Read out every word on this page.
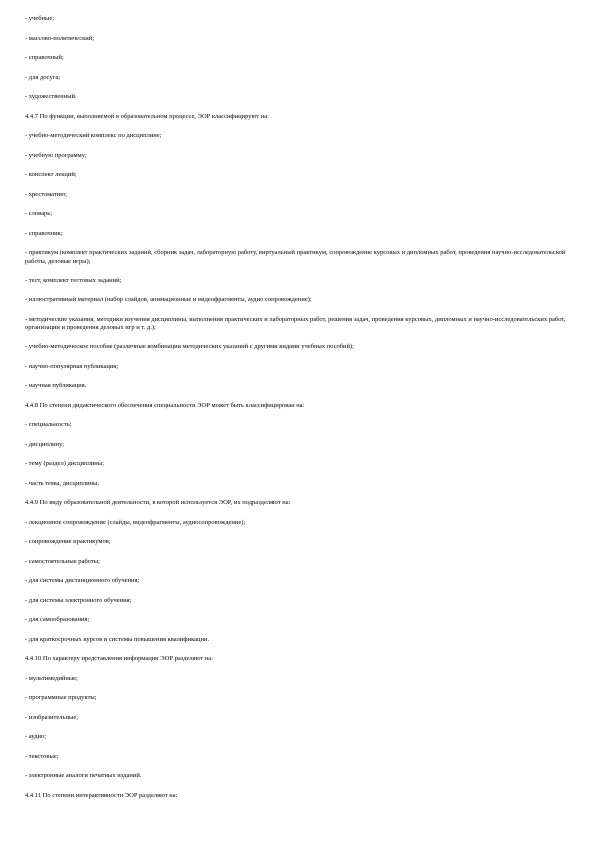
- учебные;

- массово-политический;

- справочный;

- для досуга;

- художественный.

4.4.7 По функции, выполняемой в образовательном процессе, ЭОР классифицируют на:

- учебно-методический комплекс по дисциплине;

- учебную программу;

- конспект лекций;

- хрестоматию;

- словарь;

- справочник;

- практикум (комплект практических заданий, сборник задач, лабораторную работу, виртуальный практикум, сопровождение курсовых и дипломных работ, проведения научно-исследовательской работы, деловые игры);

- тест, комплект тестовых заданий;

- иллюстративный материал (набор слайдов, анимационные и видеофрагменты, аудио сопровождение);

- методические указания, методики изучения дисциплины, выполнения практических и лабораторных работ, решения задач, проведения курсовых, дипломных и научно-исследовательских работ, организации и проведения деловых игр и т. д.);

- учебно-методическое пособие (различные комбинации методических указаний с другими видами учебных пособий);

- научно-популярная публикация;

- научная публикация.

4.4.8 По степени дидактического обеспечения специальности ЭОР может быть классифицирован на:

- специальность;

- дисциплину;

- тему (раздел) дисциплины;

- часть темы, дисциплины.

4.4.9 По виду образовательной деятельности, в которой используется ЭОР, их подразделяют на:

- лекционное сопровождение (слайды, видеофрагменты, аудиосопровождение);

- сопровождение практикумов;

- самостоятельные работы;

- для системы дистанционного обучения;

- для системы электронного обучения;

- для самообразования;

- для краткосрочных курсов и системы повышения квалификации.

4.4.10 По характеру представления информации ЭОР разделяют на:

- мультимедийные;

- программные продукты;

- изобразительные;

- аудио;

- текстовые;

- электронные аналоги печатных изданий.

4.4.11 По степени интерактивности ЭОР разделяют на:
